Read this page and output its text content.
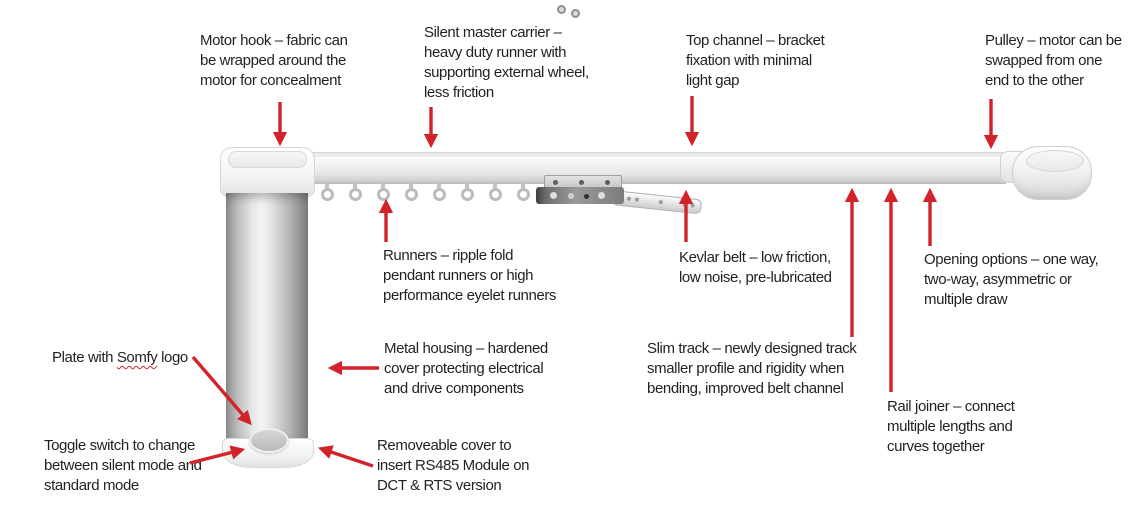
Motor hook – fabric can
be wrapped around the
motor for concealment
Silent master carrier –
heavy duty runner with
supporting external wheel,
less friction
Top channel – bracket
fixation with minimal
light gap
Pulley – motor can be
swapped from one
end to the other
Runners – ripple fold
pendant runners or high
performance eyelet runners
Kevlar belt – low friction,
low noise, pre-lubricated
Opening options – one way,
two-way, asymmetric or
multiple draw
Plate with Somfy logo
Metal housing – hardened
cover protecting electrical
and drive components
Slim track – newly designed track
smaller profile and rigidity when
bending, improved belt channel
Rail joiner – connect
multiple lengths and
curves together
Toggle switch to change
between silent mode and
standard mode
Removeable cover to
insert RS485 Module on
DCT & RTS version
